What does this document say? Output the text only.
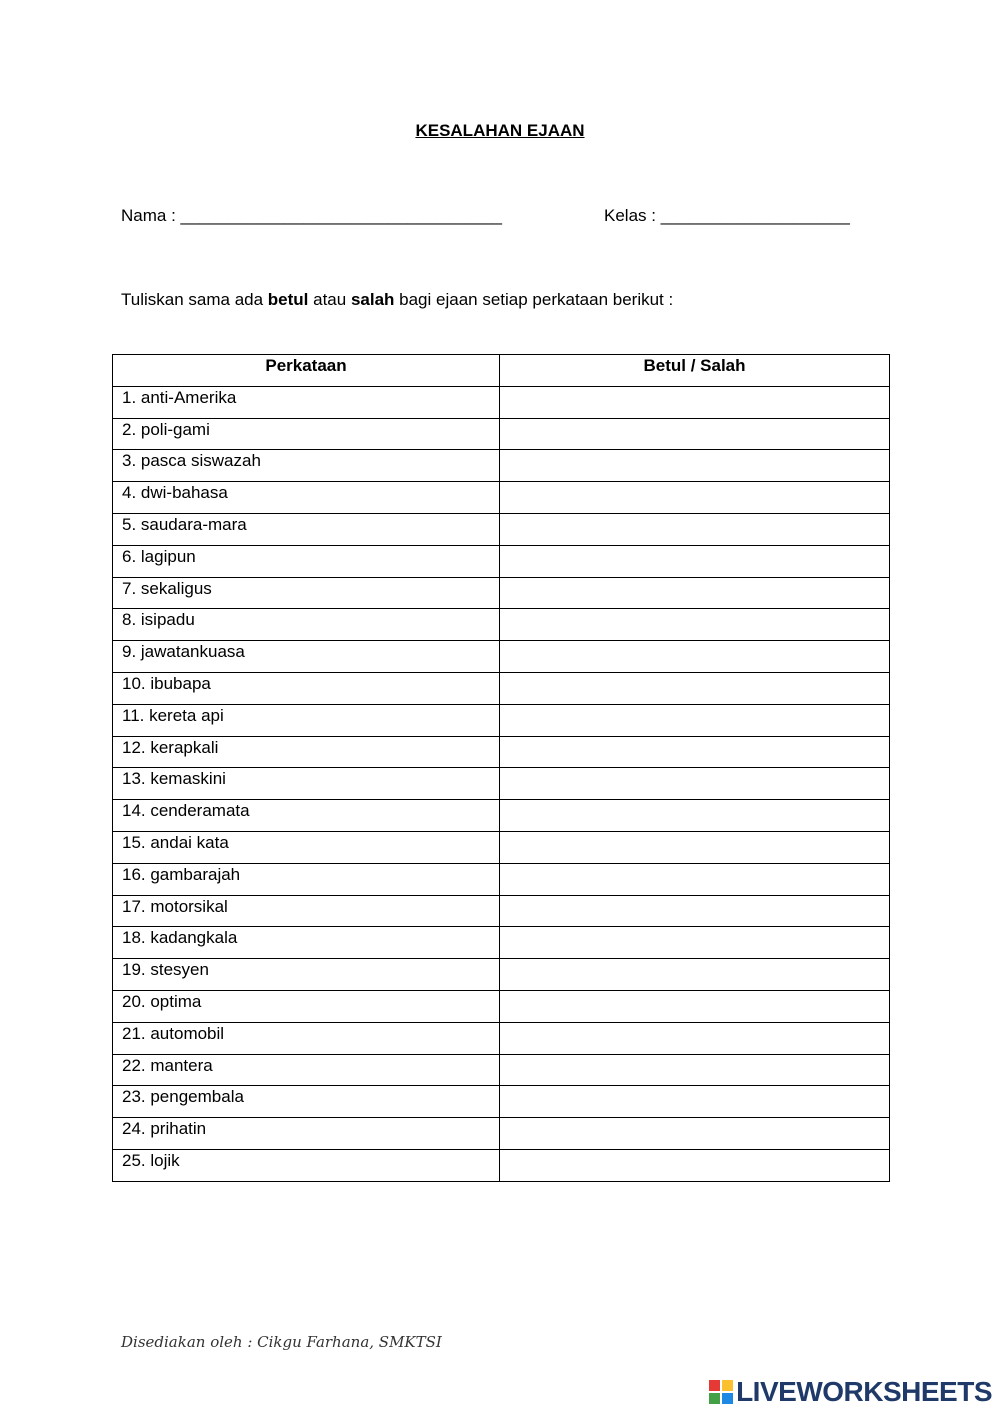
KESALAHAN EJAAN
Nama : __________________________________	Kelas : ____________________
Tuliskan sama ada betul atau salah bagi ejaan setiap perkataan berikut :
Perkataan	Betul / Salah
1. anti-Amerika	
2. poli-gami	
3. pasca siswazah	
4. dwi-bahasa	
5. saudara-mara	
6. lagipun	
7. sekaligus	
8. isipadu	
9. jawatankuasa	
10. ibubapa	
11. kereta api	
12. kerapkali	
13. kemaskini	
14. cenderamata	
15. andai kata	
16. gambarajah	
17. motorsikal	
18. kadangkala	
19. stesyen	
20. optima	
21. automobil	
22. mantera	
23. pengembala	
24. prihatin	
25. lojik	
Disediakan oleh : Cikgu Farhana, SMKTSI
LIVEWORKSHEETS
